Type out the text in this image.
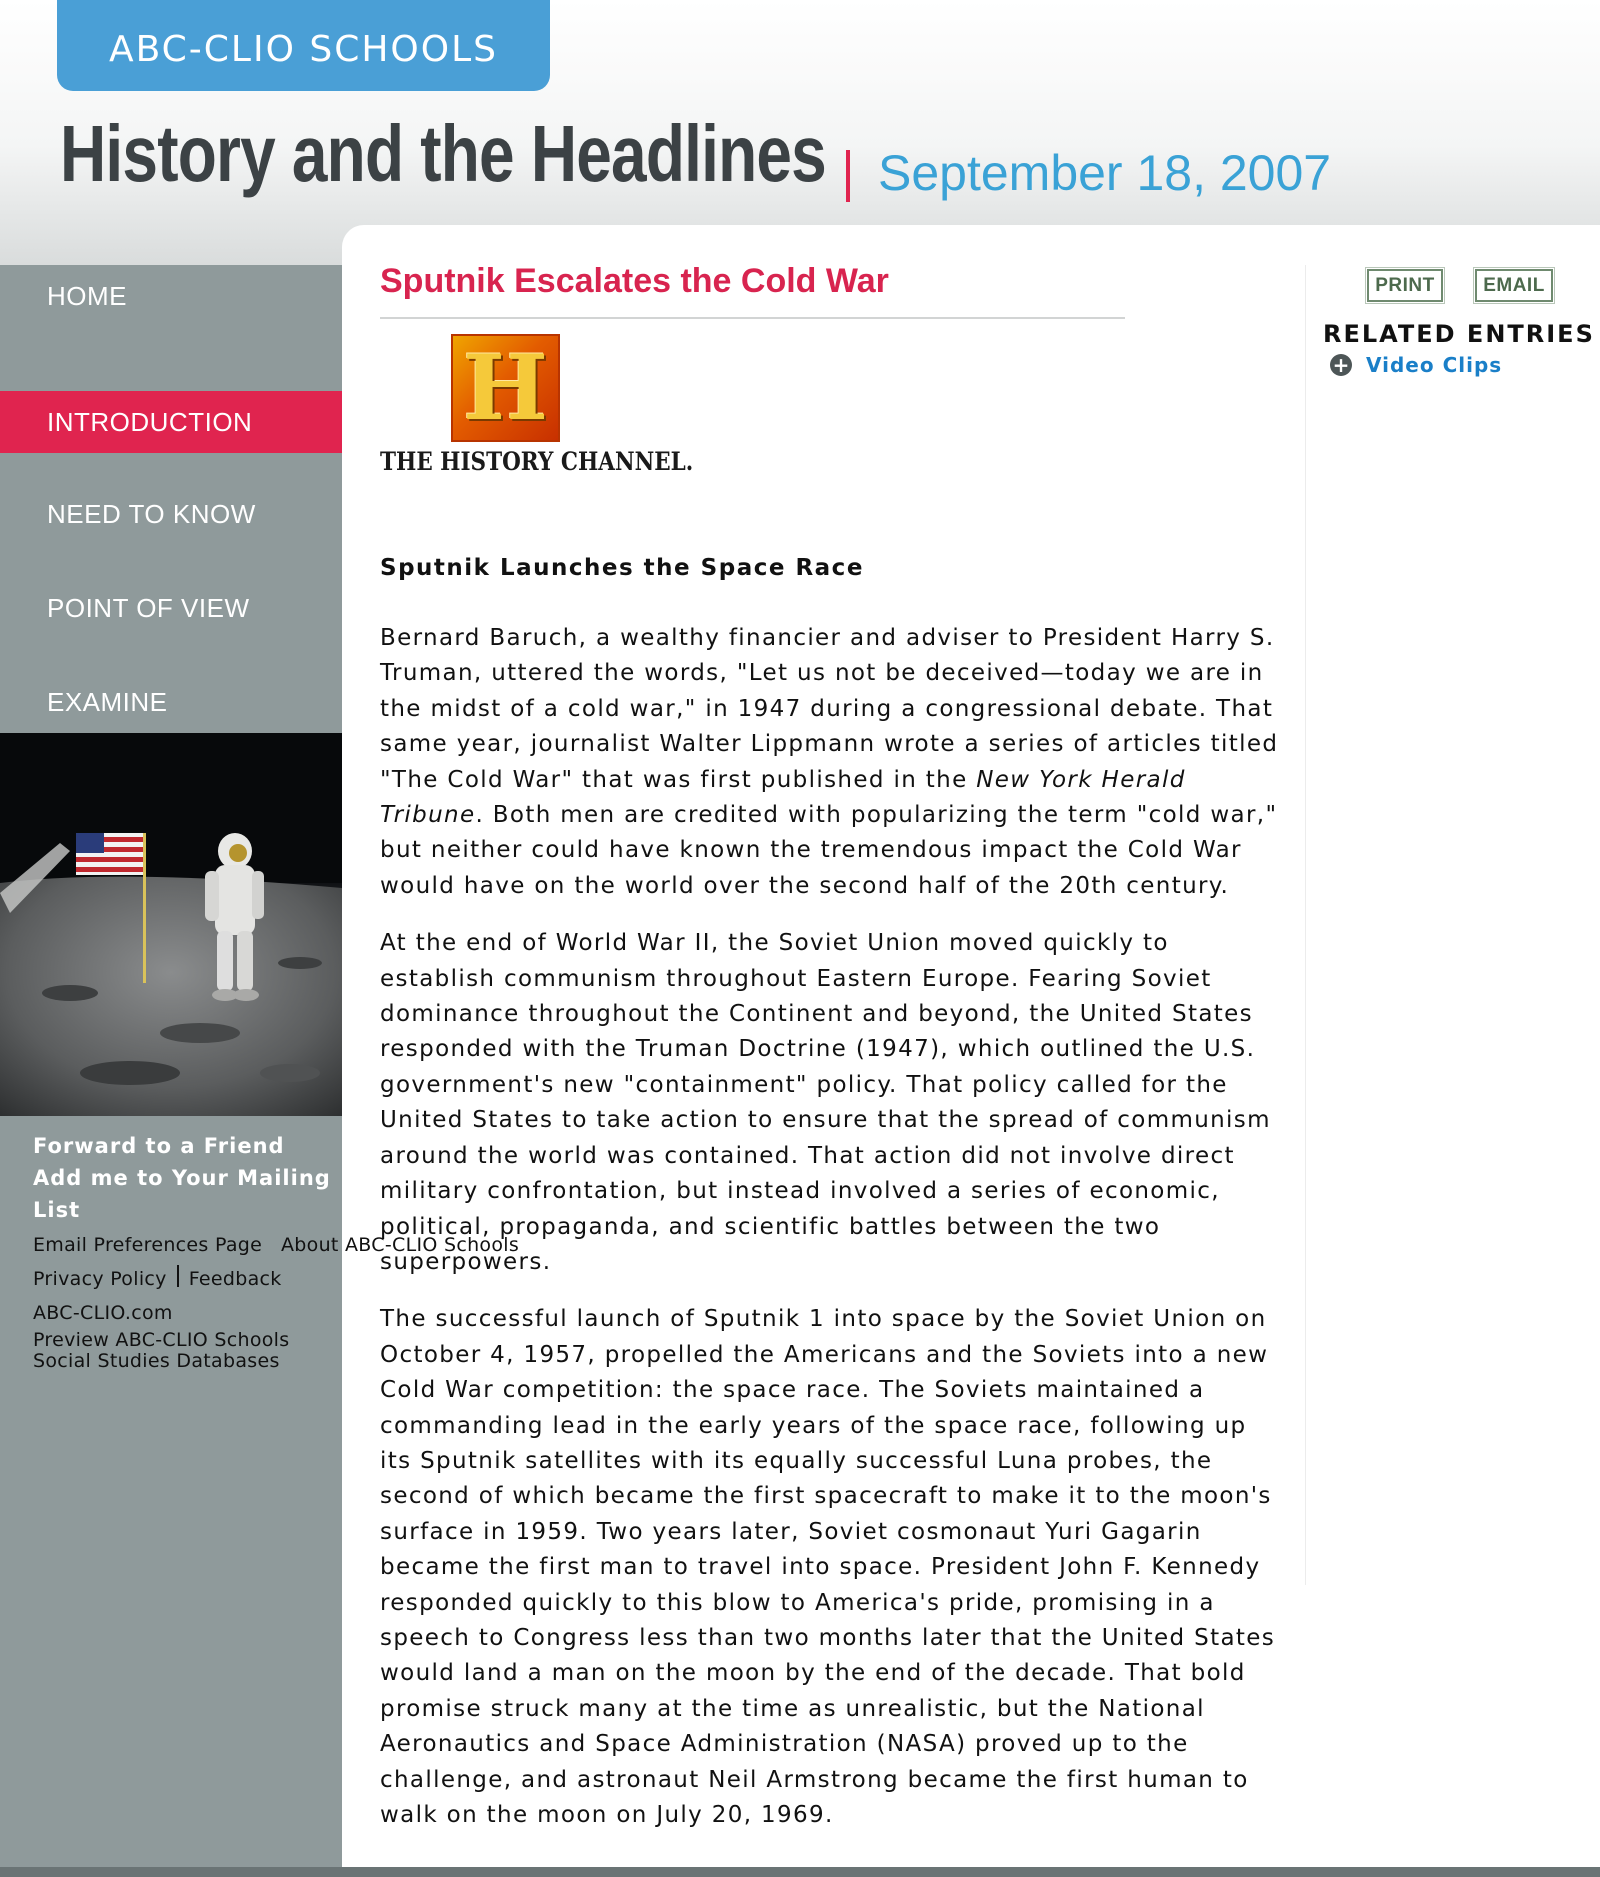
ABC-CLIO SCHOOLS
History and the Headlines September 18, 2007
HOME
INTRODUCTION
NEED TO KNOW
POINT OF VIEW
EXAMINE
Forward to a Friend
Add me to Your Mailing List
Email Preferences Page About ABC-CLIO Schools
Privacy Policy Feedback
ABC-CLIO.com
Preview ABC-CLIO Schools Social Studies Databases
Sputnik Escalates the Cold War
H
THE HISTORY CHANNEL.
Sputnik Launches the Space Race

Bernard Baruch, a wealthy financier and adviser to President Harry S. Truman, uttered the words, "Let us not be deceived—today we are in the midst of a cold war," in 1947 during a congressional debate. That same year, journalist Walter Lippmann wrote a series of articles titled "The Cold War" that was first published in the New York Herald Tribune. Both men are credited with popularizing the term "cold war," but neither could have known the tremendous impact the Cold War would have on the world over the second half of the 20th century.

At the end of World War II, the Soviet Union moved quickly to establish communism throughout Eastern Europe. Fearing Soviet dominance throughout the Continent and beyond, the United States responded with the Truman Doctrine (1947), which outlined the U.S. government's new "containment" policy. That policy called for the United States to take action to ensure that the spread of communism around the world was contained. That action did not involve direct military confrontation, but instead involved a series of economic, political, propaganda, and scientific battles between the two superpowers.

The successful launch of Sputnik 1 into space by the Soviet Union on October 4, 1957, propelled the Americans and the Soviets into a new Cold War competition: the space race. The Soviets maintained a commanding lead in the early years of the space race, following up its Sputnik satellites with its equally successful Luna probes, the second of which became the first spacecraft to make it to the moon's surface in 1959. Two years later, Soviet cosmonaut Yuri Gagarin became the first man to travel into space. President John F. Kennedy responded quickly to this blow to America's pride, promising in a speech to Congress less than two months later that the United States would land a man on the moon by the end of the decade. That bold promise struck many at the time as unrealistic, but the National Aeronautics and Space Administration (NASA) proved up to the challenge, and astronaut Neil Armstrong became the first human to walk on the moon on July 20, 1969.

PRINT	EMAIL
RELATED ENTRIES
+ Video Clips
